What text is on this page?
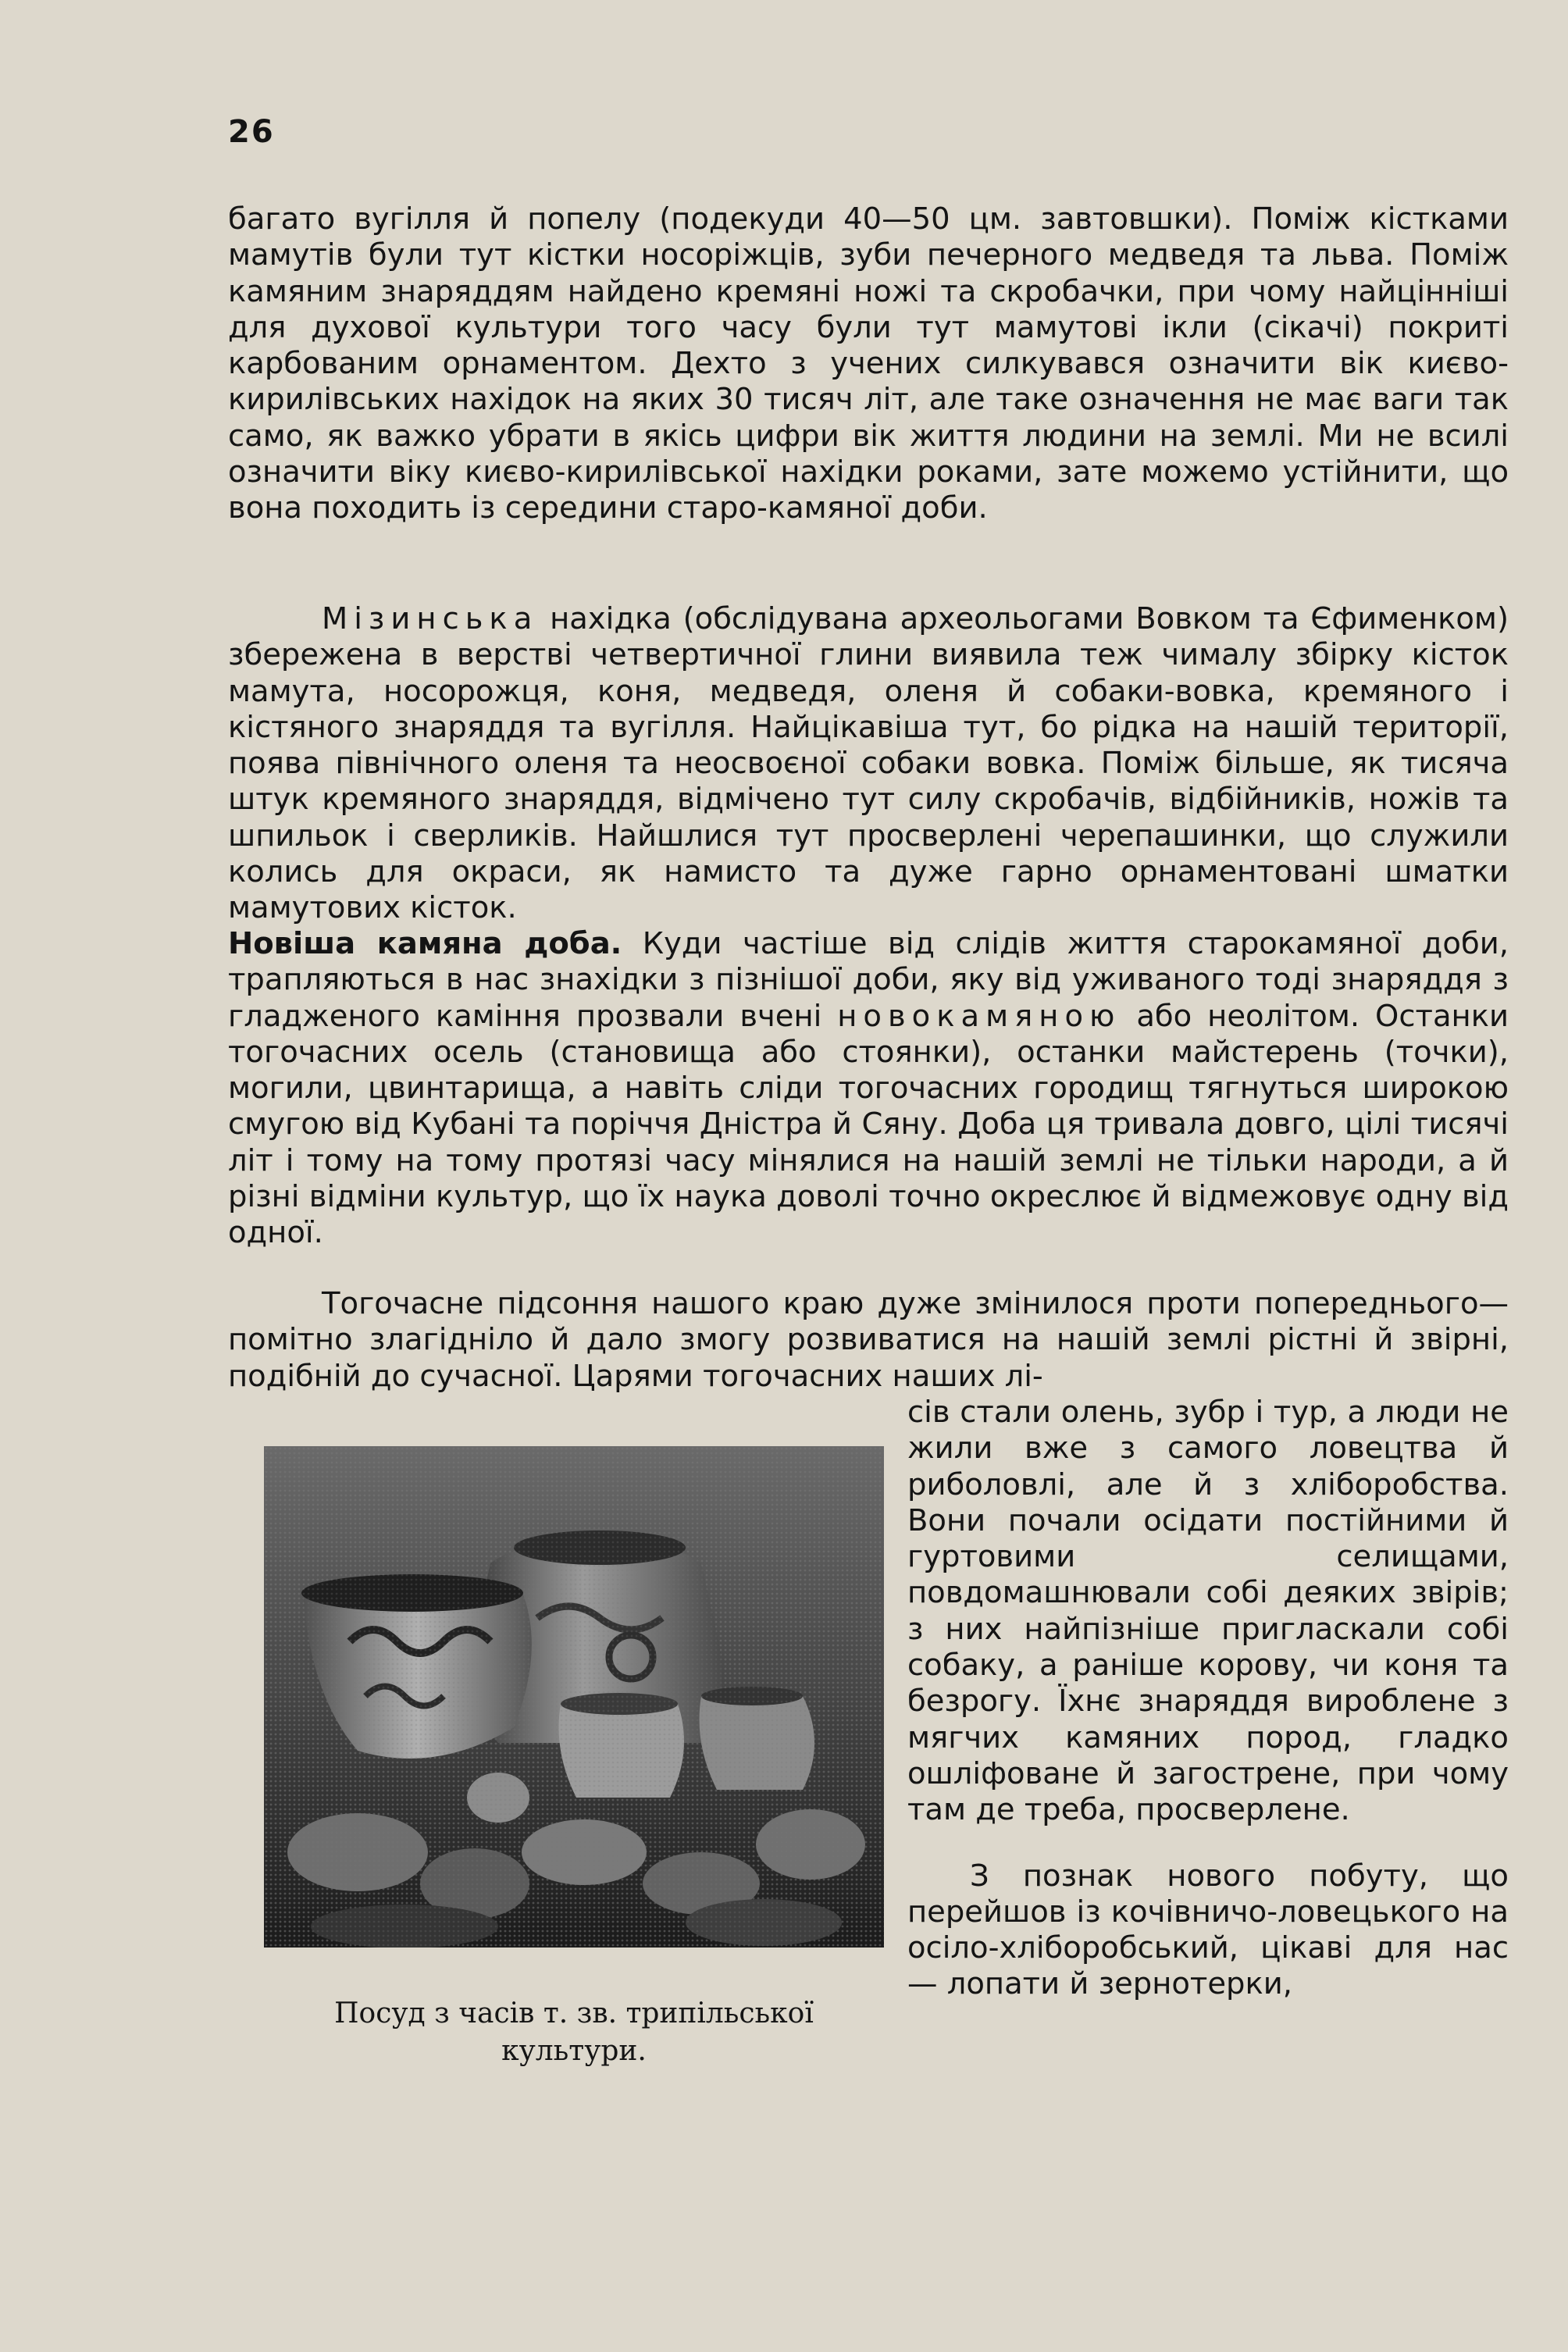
26

багато вугілля й попелу (подекуди 40—50 цм. завтовшки). Поміж кістками мамутів були тут кістки носоріжців, зуби печерного медведя та льва. Поміж камяним знаряддям найдено кремяні ножі та скробачки, при чому найцінніші для духової культури того часу були тут мамутові ікли (сікачі) покриті карбованим орнаментом. Дехто з учених силкувався означити вік києво-кирилівських нахідок на яких 30 тисяч літ, але таке означення не має ваги так само, як важко убрати в якісь цифри вік життя людини на землі. Ми не всилі означити віку києво-кирилівської нахідки роками, зате можемо устійнити, що вона походить із середини старо-камяної доби.

Мізинська нахідка (обслідувана археольогами Вовком та Єфименком) збережена в верстві четвертичної глини виявила теж чималу збірку кісток мамута, носорожця, коня, медведя, оленя й собаки-вовка, кремяного і кістяного знаряддя та вугілля. Найцікавіша тут, бо рідка на нашій території, поява північного оленя та неосвоєної собаки вовка. Поміж більше, як тисяча штук кремяного знаряддя, відмічено тут силу скробачів, відбійників, ножів та шпильок і сверликів. Найшлися тут просверлені черепашинки, що служили колись для окраси, як намисто та дуже гарно орнаментовані шматки мамутових кісток.

Новіша камяна доба. Куди частіше від слідів життя старокамяної доби, трапляються в нас знахідки з пізнішої доби, яку від уживаного тоді знаряддя з гладженого каміння прозвали вчені новокамяною або неолітом. Останки тогочасних осель (становища або стоянки), останки майстерень (точки), могили, цвинтарища, а навіть сліди тогочасних городищ тягнуться широкою смугою від Кубані та поріччя Дністра й Сяну. Доба ця тривала довго, цілі тисячі літ і тому на тому протязі часу мінялися на нашій землі не тільки народи, а й різні відміни культур, що їх наука доволі точно окреслює й відмежовує одну від одної.
Тогочасне підсоння нашого краю дуже змінилося проти попереднього—помітно злагідніло й дало змогу розвиватися на нашій землі рістні й звірні, подібній до сучасної. Царями тогочасних наших лі-

сів стали олень, зубр і тур, а люди не жили вже з самого ловецтва й риболовлі, але й з хліборобства. Вони почали осідати постійними й гуртовими селищами, повдомашнювали собі деяких звірів; з них найпізніше пригласкали собі собаку, а раніше корову, чи коня та безрогу. Їхнє знаряддя вироблене з мягчих камяних пород, гладко ошліфоване й загострене, при чому там де треба, просверлене.

З познак нового побуту, що перейшов із кочівничо-ловецького на осіло-хліборобський, цікаві для нас — лопати й зернотерки,

Посуд з часів т. зв. трипільської культури.
